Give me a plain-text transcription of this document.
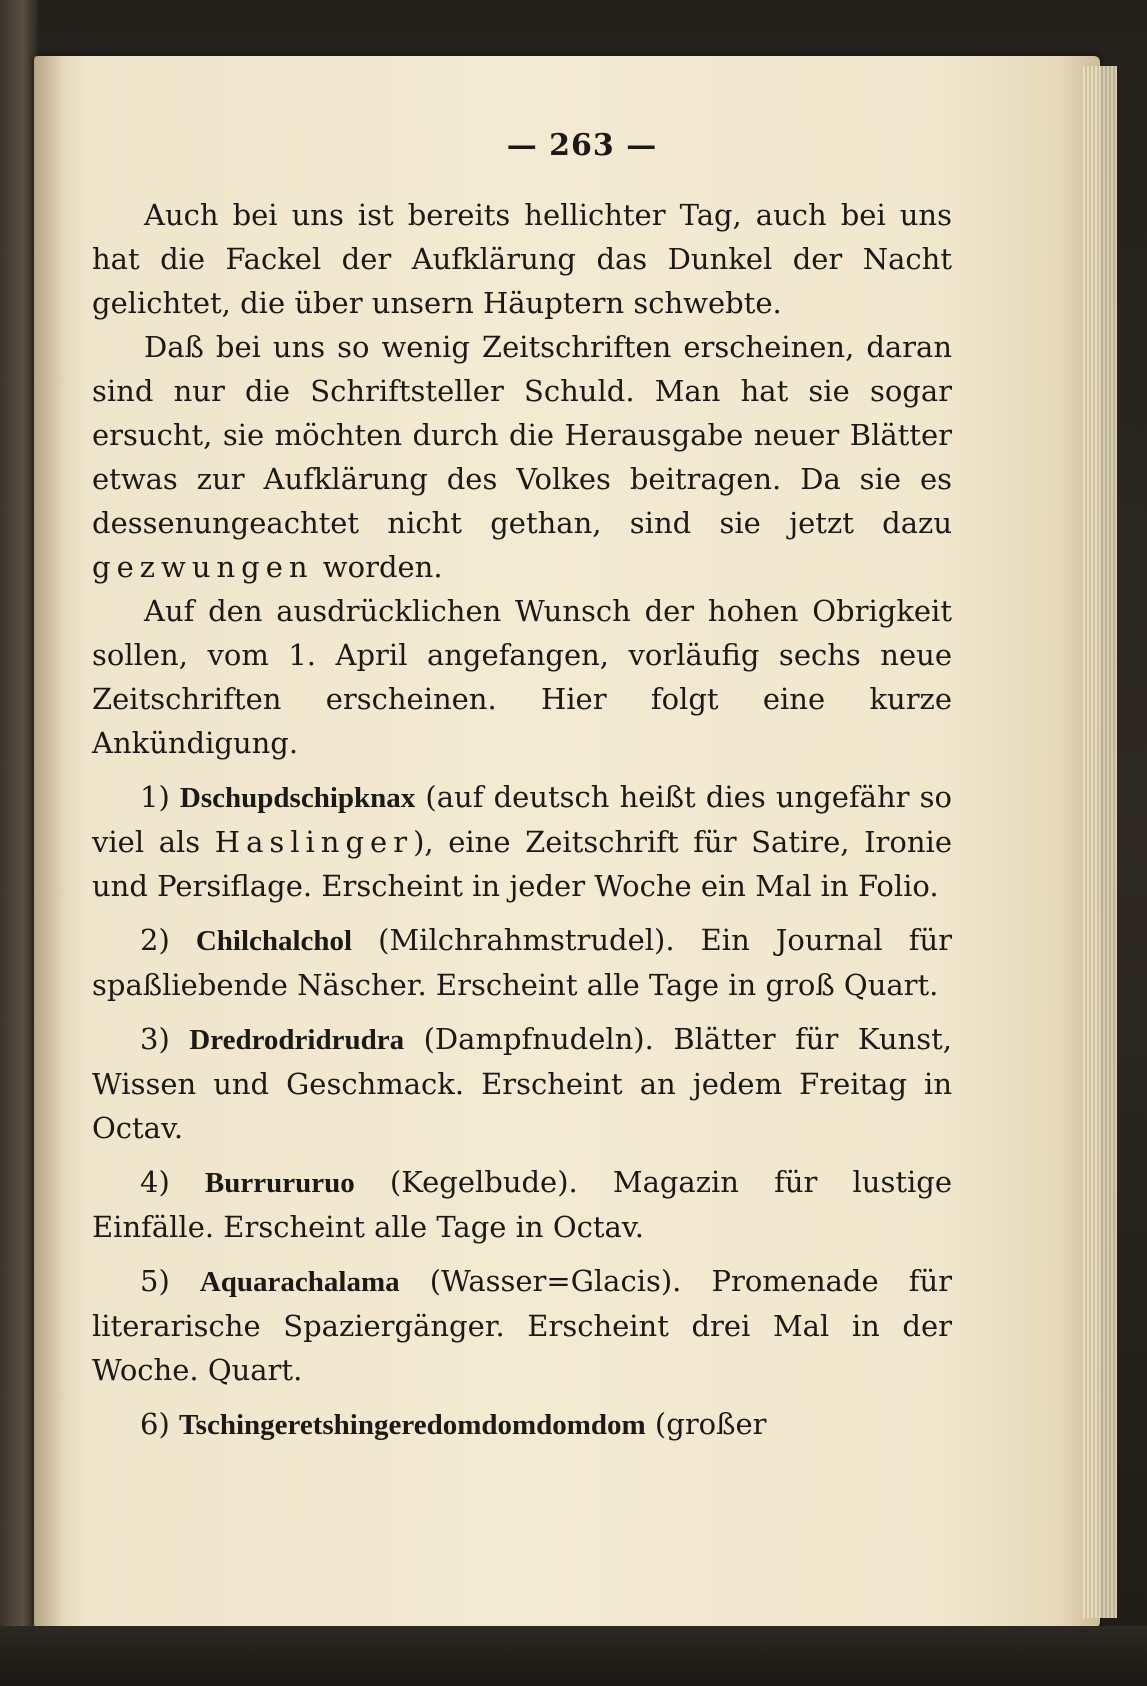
— 263 —

Auch bei uns ist bereits hellichter Tag, auch bei uns hat die Fackel der Aufklärung das Dunkel der Nacht gelichtet, die über unsern Häuptern schwebte.

Daß bei uns so wenig Zeitschriften erscheinen, daran sind nur die Schriftsteller Schuld. Man hat sie sogar ersucht, sie möchten durch die Herausgabe neuer Blätter etwas zur Aufklärung des Volkes beitragen. Da sie es dessenungeachtet nicht gethan, sind sie jetzt dazu gezwungen worden.

Auf den ausdrücklichen Wunsch der hohen Obrigkeit sollen, vom 1. April angefangen, vorläufig sechs neue Zeitschriften erscheinen. Hier folgt eine kurze Ankündigung.

1) Dschupdschipknax (auf deutsch heißt dies ungefähr so viel als Haslinger), eine Zeitschrift für Satire, Ironie und Persiflage. Erscheint in jeder Woche ein Mal in Folio.

2) Chilchalchol (Milchrahmstrudel). Ein Journal für spaßliebende Näscher. Erscheint alle Tage in groß Quart.

3) Dredrodridrudra (Dampfnudeln). Blätter für Kunst, Wissen und Geschmack. Erscheint an jedem Freitag in Octav.

4) Burrururuo (Kegelbude). Magazin für lustige Einfälle. Erscheint alle Tage in Octav.

5) Aquarachalama (Wasser=Glacis). Promenade für literarische Spaziergänger. Erscheint drei Mal in der Woche. Quart.

6) Tschingeretshingeredomdomdomdom (großer
